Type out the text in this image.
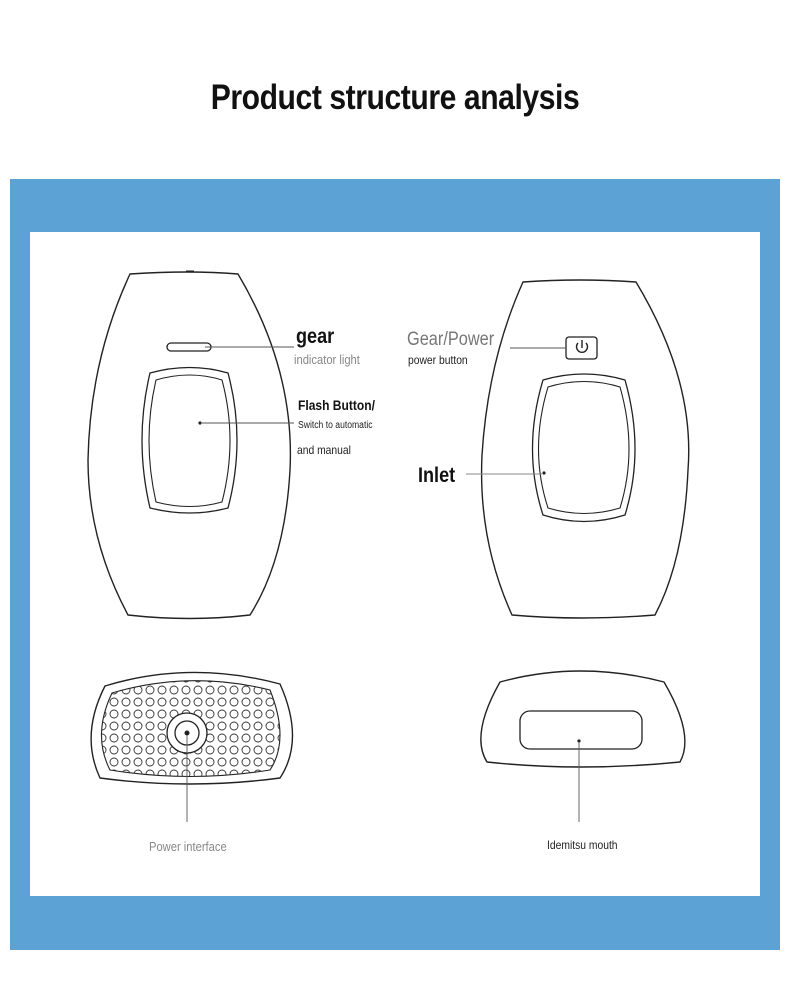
Product structure analysis
gear
indicator light
Flash Button/
Switch to automatic
and manual
Gear/Power
power button
Inlet
Power interface	Idemitsu mouth
